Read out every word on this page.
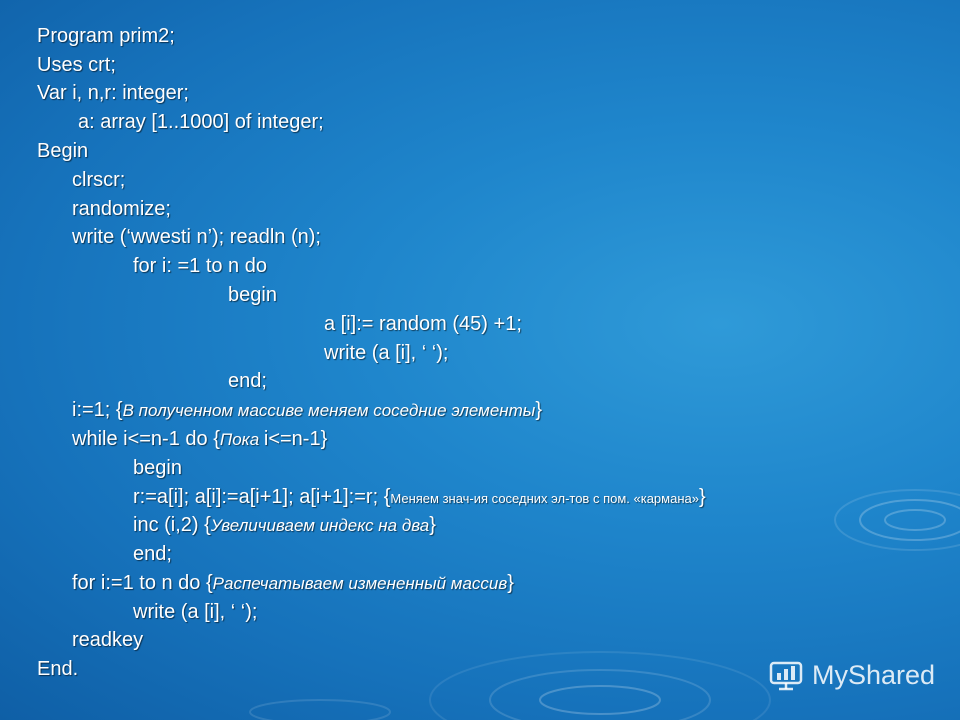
Program prim2;
Uses crt;
Var i, n,r: integer;
a: array [1..1000] of integer;
Begin
clrscr;
randomize;
write (‘wwesti n’); readln (n);
for i: =1 to n do
begin
a [i]:= random (45) +1;
write (a [i], ‘ ‘);
end;
i:=1; {В полученном массиве меняем соседние элементы}
while i<=n-1 do {Пока i<=n-1}
begin
r:=a[i]; a[i]:=a[i+1]; a[i+1]:=r; {Меняем знач-ия соседних эл-тов с пом. «кармана»}
inc (i,2) {Увеличиваем индекс на два}
end;
for i:=1 to n do {Распечатываем измененный массив}
write (a [i], ‘ ‘);
readkey
End.	MyShared
